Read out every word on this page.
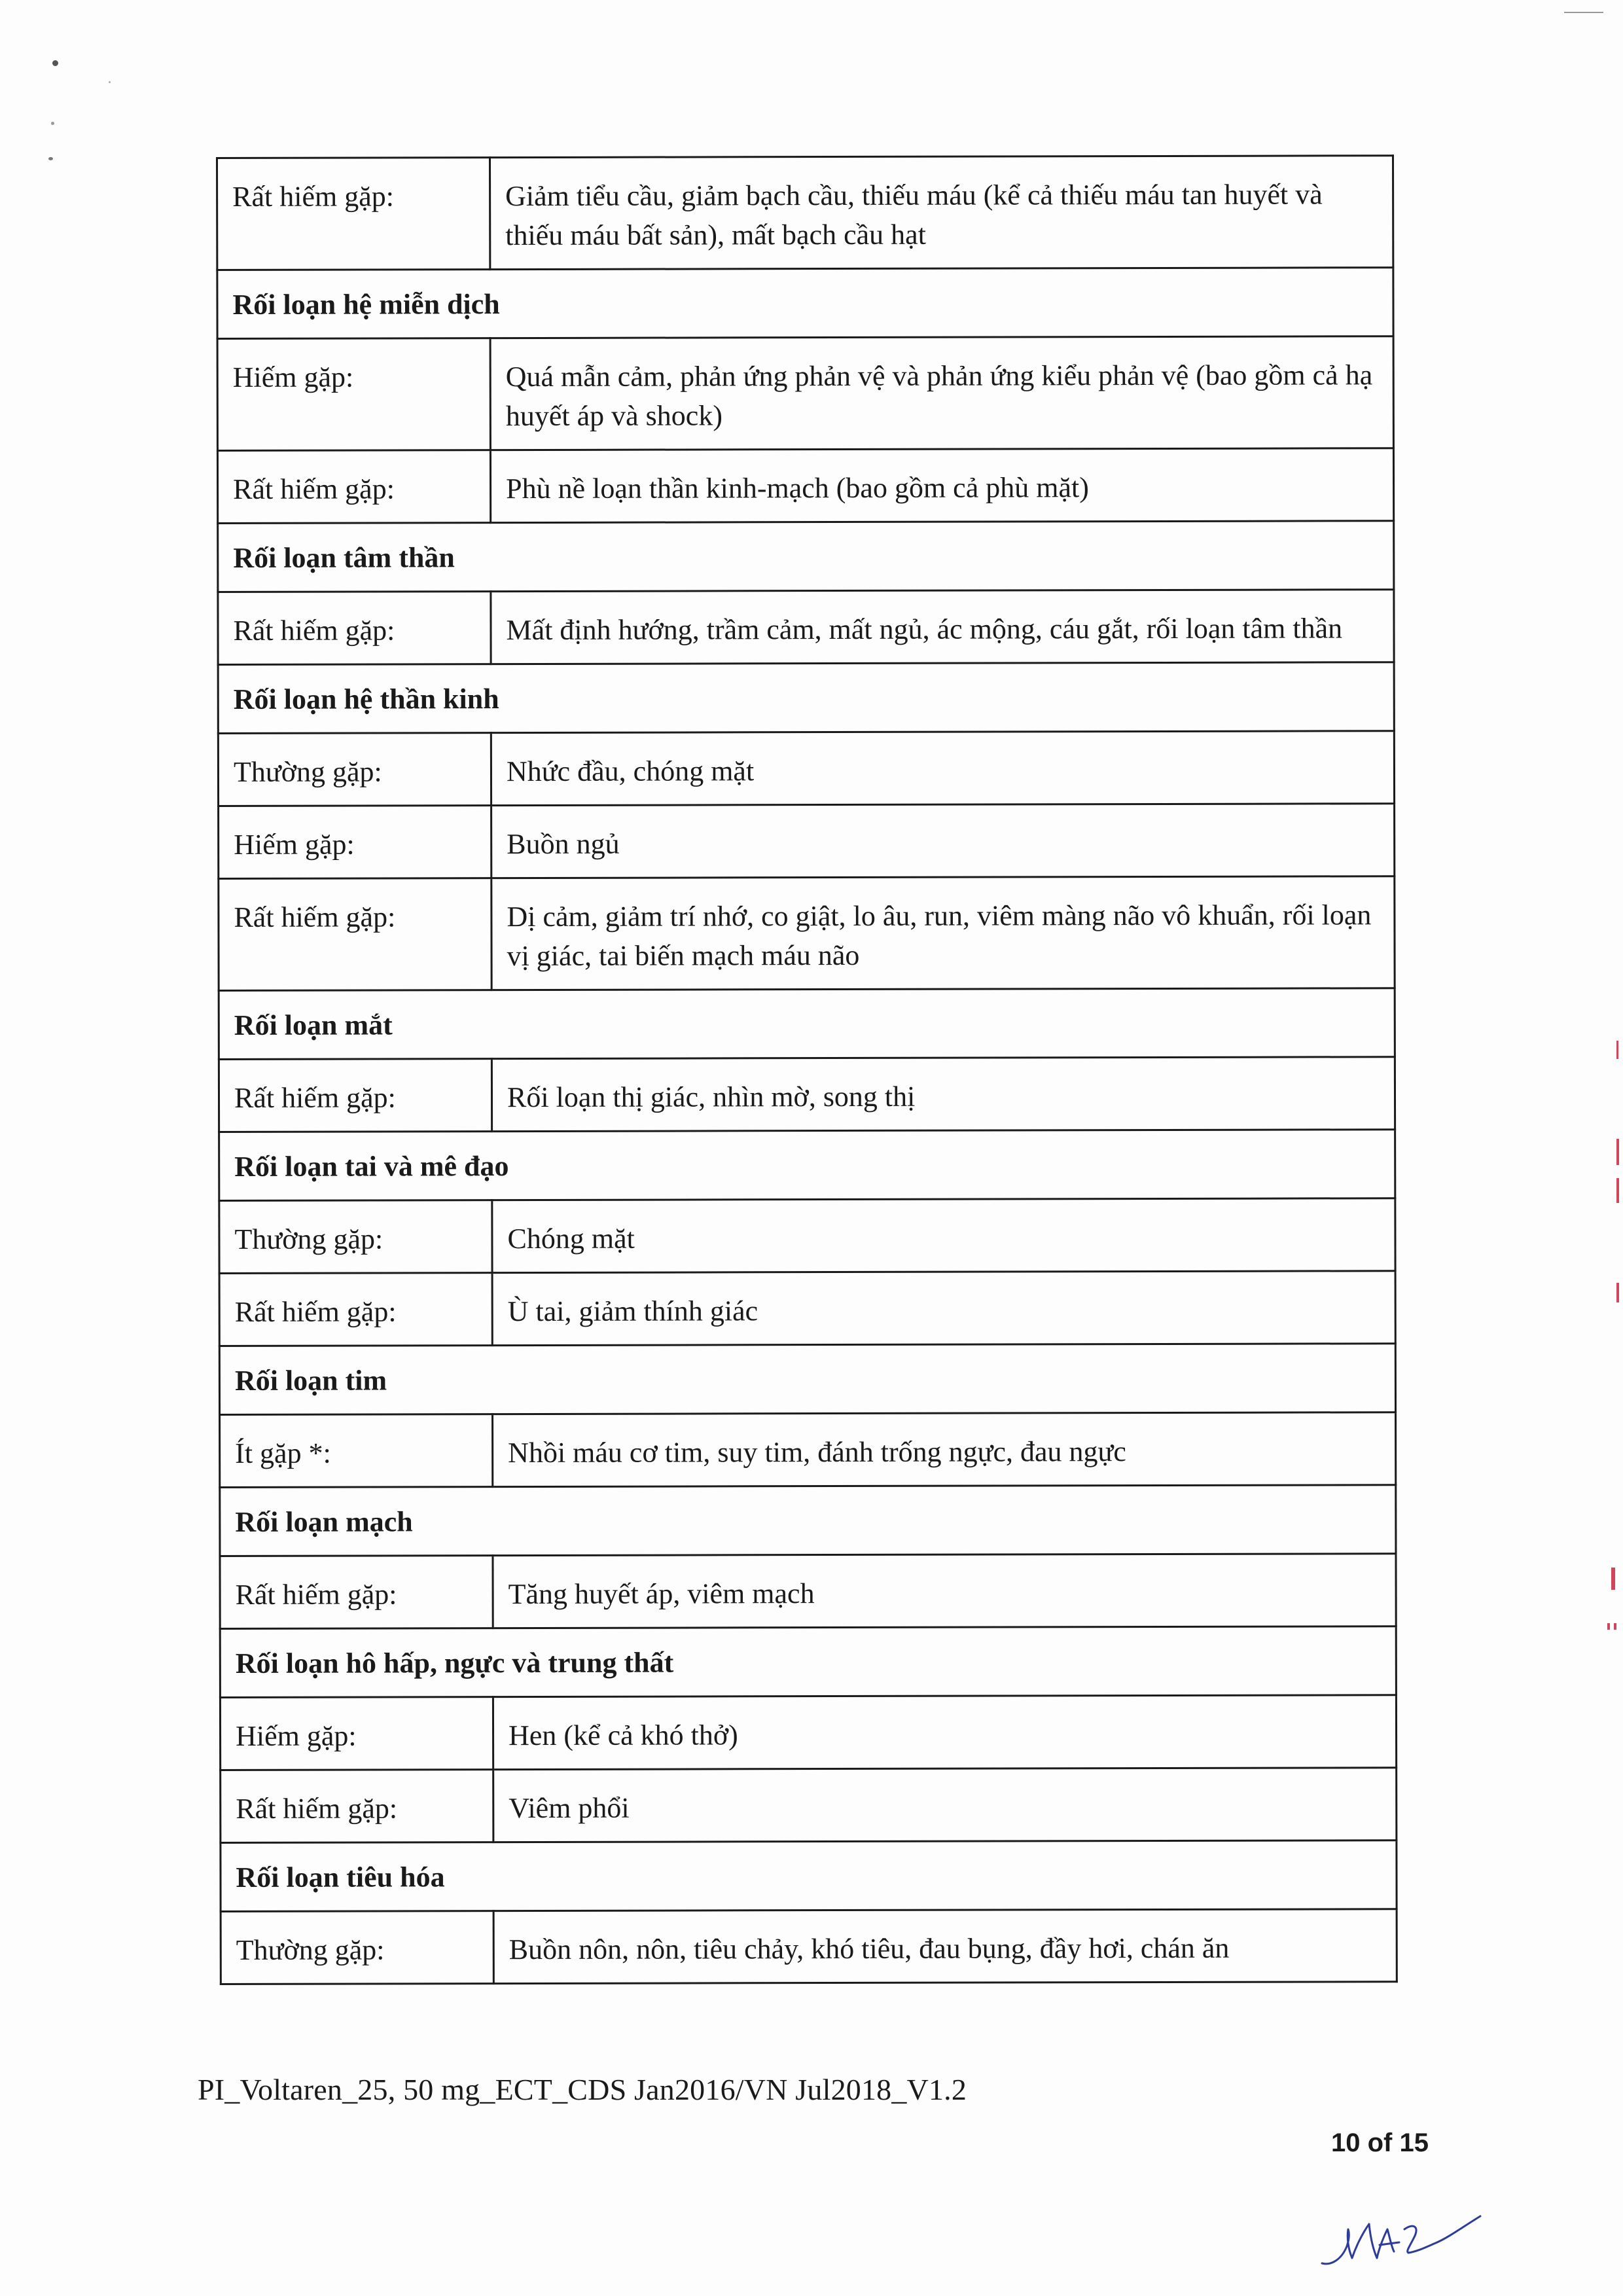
Rất hiếm gặp:	Giảm tiểu cầu, giảm bạch cầu, thiếu máu (kể cả thiếu máu tan huyết và thiếu máu bất sản), mất bạch cầu hạt
Rối loạn hệ miễn dịch	
Hiếm gặp:	Quá mẫn cảm, phản ứng phản vệ và phản ứng kiểu phản vệ (bao gồm cả hạ huyết áp và shock)
Rất hiếm gặp:	Phù nề loạn thần kinh-mạch (bao gồm cả phù mặt)
Rối loạn tâm thần	
Rất hiếm gặp:	Mất định hướng, trầm cảm, mất ngủ, ác mộng, cáu gắt, rối loạn tâm thần
Rối loạn hệ thần kinh	
Thường gặp:	Nhức đầu, chóng mặt
Hiếm gặp:	Buồn ngủ
Rất hiếm gặp:	Dị cảm, giảm trí nhớ, co giật, lo âu, run, viêm màng não vô khuẩn, rối loạn vị giác, tai biến mạch máu não
Rối loạn mắt	
Rất hiếm gặp:	Rối loạn thị giác, nhìn mờ, song thị
Rối loạn tai và mê đạo	
Thường gặp:	Chóng mặt
Rất hiếm gặp:	Ù tai, giảm thính giác
Rối loạn tim	
Ít gặp *:	Nhồi máu cơ tim, suy tim, đánh trống ngực, đau ngực
Rối loạn mạch	
Rất hiếm gặp:	Tăng huyết áp, viêm mạch
Rối loạn hô hấp, ngực và trung thất	
Hiếm gặp:	Hen (kể cả khó thở)
Rất hiếm gặp:	Viêm phổi
Rối loạn tiêu hóa	
Thường gặp:	Buồn nôn, nôn, tiêu chảy, khó tiêu, đau bụng, đầy hơi, chán ăn
PI_Voltaren_25, 50 mg_ECT_CDS Jan2016/VN Jul2018_V1.2
10 of 15
